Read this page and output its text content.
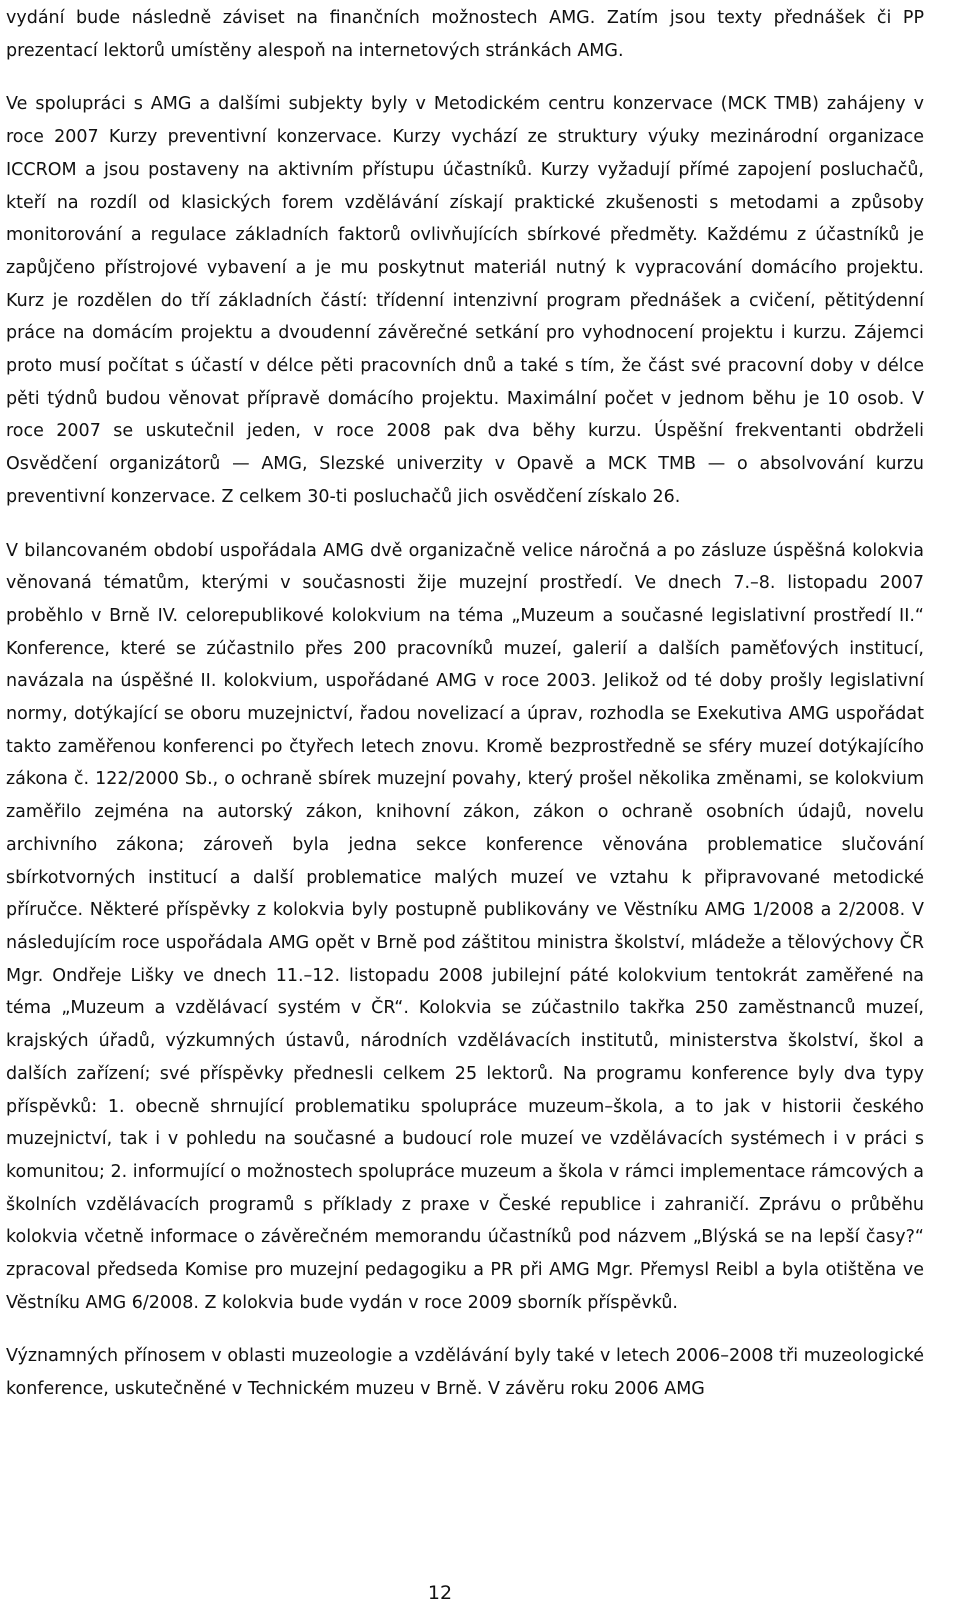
vydání bude následně záviset na finančních možnostech AMG. Zatím jsou texty přednášek či PP prezentací lektorů umístěny alespoň na internetových stránkách AMG.

Ve spolupráci s AMG a dalšími subjekty byly v Metodickém centru konzervace (MCK TMB) zahájeny v roce 2007 Kurzy preventivní konzervace. Kurzy vychází ze struktury výuky mezinárodní organizace ICCROM a jsou postaveny na aktivním přístupu účastníků. Kurzy vyžadují přímé zapojení posluchačů, kteří na rozdíl od klasických forem vzdělávání získají praktické zkušenosti s metodami a způsoby monitorování a regulace základních faktorů ovlivňujících sbírkové předměty. Každému z účastníků je zapůjčeno přístrojové vybavení a je mu poskytnut materiál nutný k vypracování domácího projektu. Kurz je rozdělen do tří základních částí: třídenní intenzivní program přednášek a cvičení, pětitýdenní práce na domácím projektu a dvoudenní závěrečné setkání pro vyhodnocení projektu i kurzu. Zájemci proto musí počítat s účastí v délce pěti pracovních dnů a také s tím, že část své pracovní doby v délce pěti týdnů budou věnovat přípravě domácího projektu. Maximální počet v jednom běhu je 10 osob. V roce 2007 se uskutečnil jeden, v roce 2008 pak dva běhy kurzu. Úspěšní frekventanti obdrželi Osvědčení organizátorů — AMG, Slezské univerzity v Opavě a MCK TMB — o absolvování kurzu preventivní konzervace. Z celkem 30-ti posluchačů jich osvědčení získalo 26.

V bilancovaném období uspořádala AMG dvě organizačně velice náročná a po zásluze úspěšná kolokvia věnovaná tématům, kterými v současnosti žije muzejní prostředí. Ve dnech 7.–8. listopadu 2007 proběhlo v Brně IV. celorepublikové kolokvium na téma „Muzeum a současné legislativní prostředí II.“ Konference, které se zúčastnilo přes 200 pracovníků muzeí, galerií a dalších paměťových institucí, navázala na úspěšné II. kolokvium, uspořádané AMG v roce 2003. Jelikož od té doby prošly legislativní normy, dotýkající se oboru muzejnictví, řadou novelizací a úprav, rozhodla se Exekutiva AMG uspořádat takto zaměřenou konferenci po čtyřech letech znovu. Kromě bezprostředně se sféry muzeí dotýkajícího zákona č. 122/2000 Sb., o ochraně sbírek muzejní povahy, který prošel několika změnami, se kolokvium zaměřilo zejména na autorský zákon, knihovní zákon, zákon o ochraně osobních údajů, novelu archivního zákona; zároveň byla jedna sekce konference věnována problematice slučování sbírkotvorných institucí a další problematice malých muzeí ve vztahu k připravované metodické příručce. Některé příspěvky z kolokvia byly postupně publikovány ve Věstníku AMG 1/2008 a 2/2008. V následujícím roce uspořádala AMG opět v Brně pod záštitou ministra školství, mládeže a tělovýchovy ČR Mgr. Ondřeje Lišky ve dnech 11.–12. listopadu 2008 jubilejní páté kolokvium tentokrát zaměřené na téma „Muzeum a vzdělávací systém v ČR“. Kolokvia se zúčastnilo takřka 250 zaměstnanců muzeí, krajských úřadů, výzkumných ústavů, národních vzdělávacích institutů, ministerstva školství, škol a dalších zařízení; své příspěvky přednesli celkem 25 lektorů. Na programu konference byly dva typy příspěvků: 1. obecně shrnující problematiku spolupráce muzeum–škola, a to jak v historii českého muzejnictví, tak i v pohledu na současné a budoucí role muzeí ve vzdělávacích systémech i v práci s komunitou; 2. informující o možnostech spolupráce muzeum a škola v rámci implementace rámcových a školních vzdělávacích programů s příklady z praxe v České republice i zahraničí. Zprávu o průběhu kolokvia včetně informace o závěrečném memorandu účastníků pod názvem „Blýská se na lepší časy?“ zpracoval předseda Komise pro muzejní pedagogiku a PR při AMG Mgr. Přemysl Reibl a byla otištěna ve Věstníku AMG 6/2008. Z kolokvia bude vydán v roce 2009 sborník příspěvků.

Významných přínosem v oblasti muzeologie a vzdělávání byly také v letech 2006–2008 tři muzeologické konference, uskutečněné v Technickém muzeu v Brně. V závěru roku 2006 AMG

12
